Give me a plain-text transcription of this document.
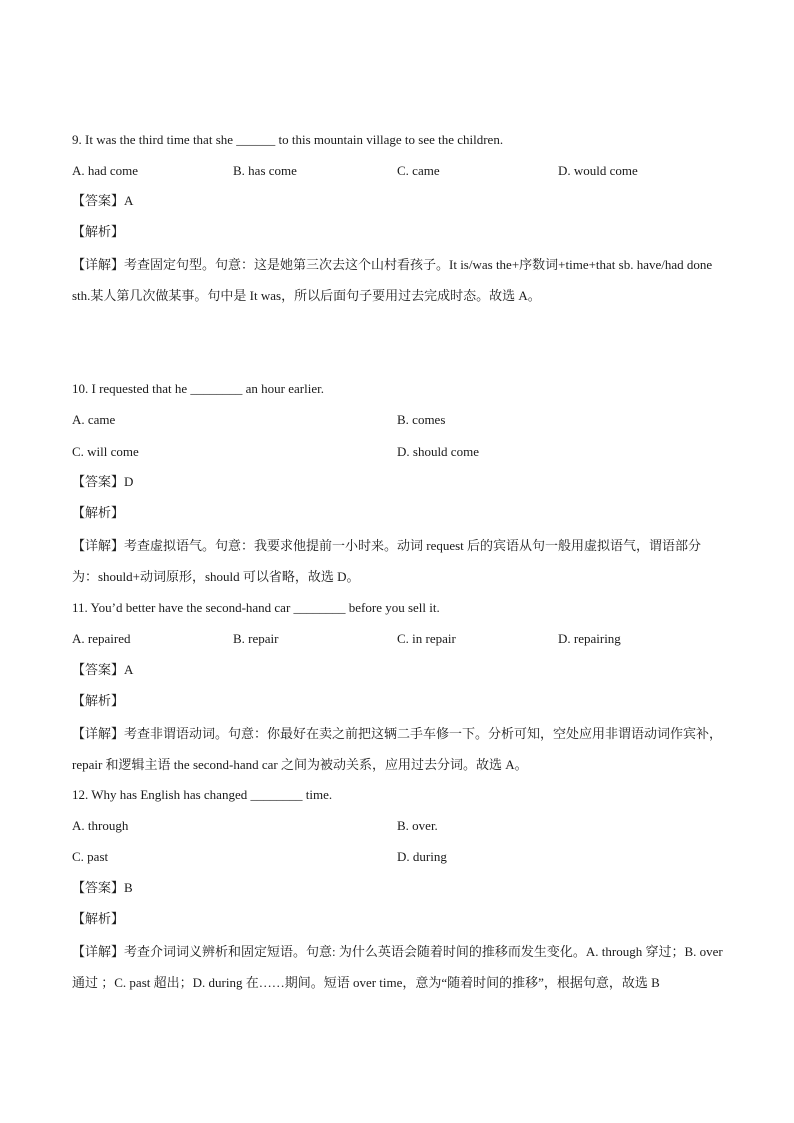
9. It was the third time that she ______ to this mountain village to see the children.
A. had come	B. has come	C. came	D. would come
【答案】A
【解析】
【详解】考查固定句型。句意：这是她第三次去这个山村看孩子。It is/was the+序数词+time+that sb. have/had done sth.某人第几次做某事。句中是 It was，所以后面句子要用过去完成时态。故选 A。
10. I requested that he ________ an hour earlier.
A. came	B. comes
C. will come	D. should come
【答案】D
【解析】
【详解】考查虚拟语气。句意：我要求他提前一小时来。动词 request 后的宾语从句一般用虚拟语气，谓语部分为：should+动词原形，should 可以省略，故选 D。
11. You’d better have the second-hand car ________ before you sell it.
A. repaired	B. repair	C. in repair	D. repairing
【答案】A
【解析】
【详解】考查非谓语动词。句意：你最好在卖之前把这辆二手车修一下。分析可知，空处应用非谓语动词作宾补，repair 和逻辑主语 the second-hand car 之间为被动关系，应用过去分词。故选 A。
12. Why has English has changed ________ time.
A. through	B. over.
C. past	D. during
【答案】B
【解析】
【详解】考查介词词义辨析和固定短语。句意: 为什么英语会随着时间的推移而发生变化。A. through 穿过；B. over 通过 ；C. past 超出；D. during 在……期间。短语 over time，意为“随着时间的推移”，根据句意，故选 B
